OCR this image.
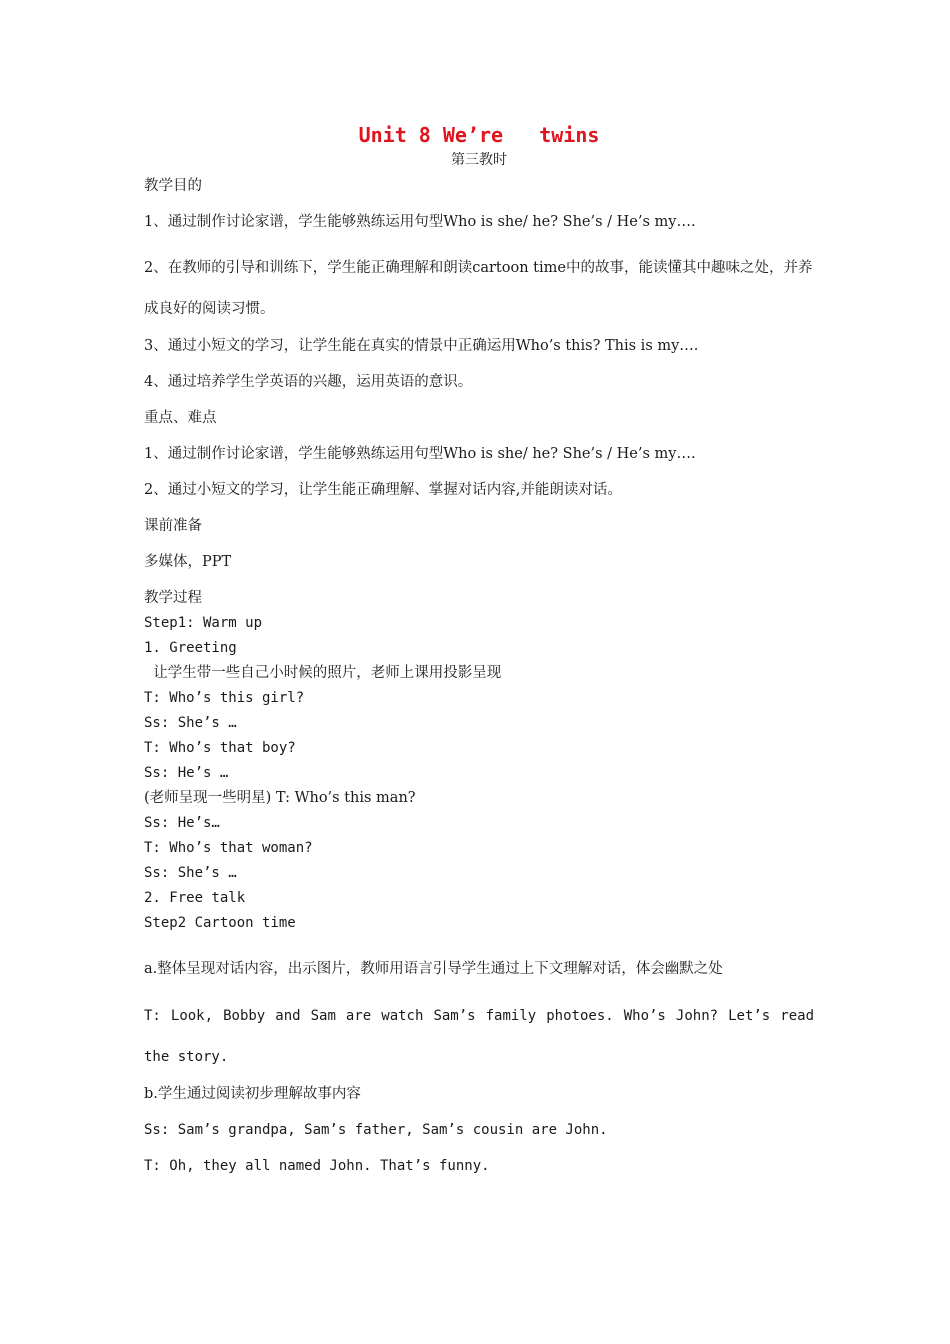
Unit 8 We’re   twins

第三教时

教学目的

1、通过制作讨论家谱，学生能够熟练运用句型Who is she/ he? She’s / He’s my….

2、在教师的引导和训练下，学生能正确理解和朗读cartoon time中的故事，能读懂其中趣味之处，并养成良好的阅读习惯。

3、通过小短文的学习，让学生能在真实的情景中正确运用Who’s this? This is my….

4、通过培养学生学英语的兴趣，运用英语的意识。

重点、难点

1、通过制作讨论家谱，学生能够熟练运用句型Who is she/ he? She’s / He’s my….

2、通过小短文的学习，让学生能正确理解、掌握对话内容,并能朗读对话。

课前准备

多媒体，PPT

教学过程

Step1: Warm up

1. Greeting

让学生带一些自己小时候的照片，老师上课用投影呈现

T: Who’s this girl?

Ss: She’s …

T: Who’s that boy?

Ss: He’s …

(老师呈现一些明星) T: Who’s this man?

Ss: He’s…

T: Who’s that woman?

Ss: She’s …

2. Free talk

Step2 Cartoon time

a.整体呈现对话内容，出示图片，教师用语言引导学生通过上下文理解对话，体会幽默之处

T: Look, Bobby and Sam are watch Sam’s family photoes. Who’s John? Let’s read the story.

b.学生通过阅读初步理解故事内容

Ss: Sam’s grandpa, Sam’s father, Sam’s cousin are John.

T: Oh, they all named John. That’s funny.
